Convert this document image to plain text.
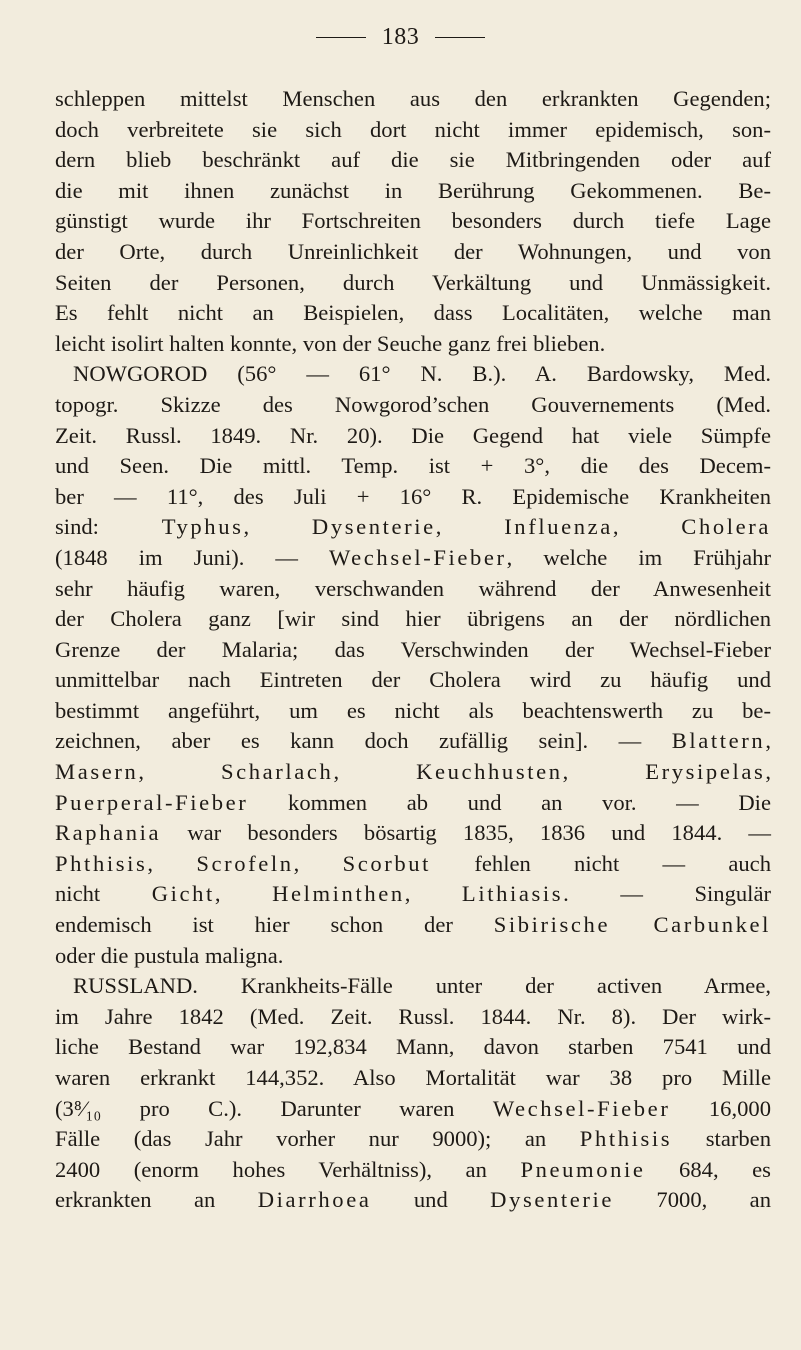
183
schleppen mittelst Menschen aus den erkrankten Gegenden;
doch verbreitete sie sich dort nicht immer epidemisch, son-
dern blieb beschränkt auf die sie Mitbringenden oder auf
die mit ihnen zunächst in Berührung Gekommenen. Be-
günstigt wurde ihr Fortschreiten besonders durch tiefe Lage
der Orte, durch Unreinlichkeit der Wohnungen, und von
Seiten der Personen, durch Verkältung und Unmässigkeit.
Es fehlt nicht an Beispielen, dass Localitäten, welche man
leicht isolirt halten konnte, von der Seuche ganz frei blieben.
NOWGOROD (56° — 61° N. B.). A. Bardowsky, Med.
topogr. Skizze des Nowgorod’schen Gouvernements (Med.
Zeit. Russl. 1849. Nr. 20). Die Gegend hat viele Sümpfe
und Seen. Die mittl. Temp. ist + 3°, die des Decem-
ber — 11°, des Juli + 16° R. Epidemische Krankheiten
sind: Typhus, Dysenterie, Influenza, Cholera
(1848 im Juni). — Wechsel-Fieber, welche im Frühjahr
sehr häufig waren, verschwanden während der Anwesenheit
der Cholera ganz [wir sind hier übrigens an der nördlichen
Grenze der Malaria; das Verschwinden der Wechsel-Fieber
unmittelbar nach Eintreten der Cholera wird zu häufig und
bestimmt angeführt, um es nicht als beachtenswerth zu be-
zeichnen, aber es kann doch zufällig sein]. — Blattern,
Masern, Scharlach, Keuchhusten, Erysipelas,
Puerperal-Fieber kommen ab und an vor. — Die
Raphania war besonders bösartig 1835, 1836 und 1844. —
Phthisis, Scrofeln, Scorbut fehlen nicht — auch
nicht Gicht, Helminthen, Lithiasis. — Singulär
endemisch ist hier schon der Sibirische Carbunkel
oder die pustula maligna.
RUSSLAND. Krankheits-Fälle unter der activen Armee,
im Jahre 1842 (Med. Zeit. Russl. 1844. Nr. 8). Der wirk-
liche Bestand war 192,834 Mann, davon starben 7541 und
waren erkrankt 144,352. Also Mortalität war 38 pro Mille
(3⁸⁄₁₀ pro C.). Darunter waren Wechsel-Fieber 16,000
Fälle (das Jahr vorher nur 9000); an Phthisis starben
2400 (enorm hohes Verhältniss), an Pneumonie 684, es
erkrankten an Diarrhoea und Dysenterie 7000, an
